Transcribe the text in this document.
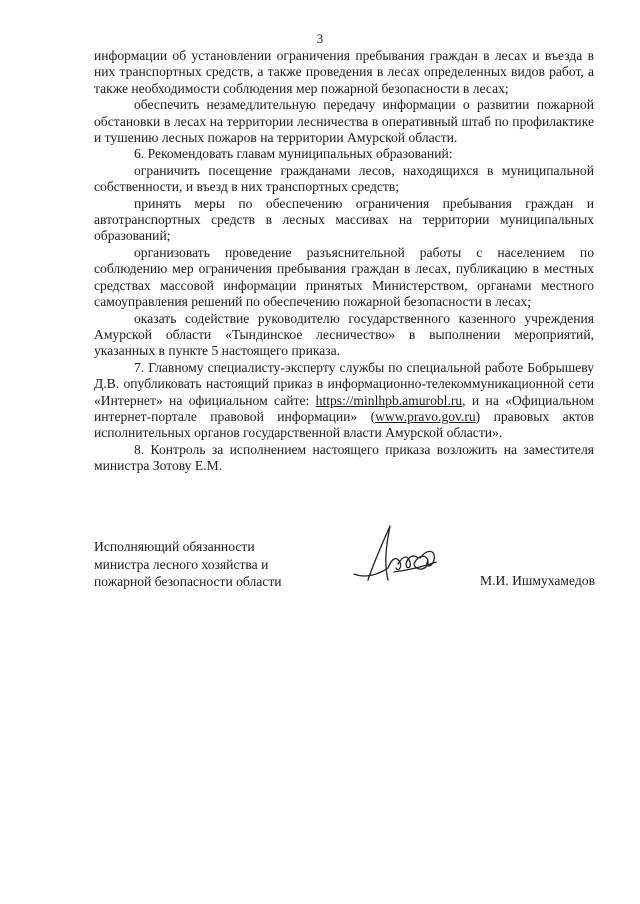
3

информации об установлении ограничения пребывания граждан в лесах и въезда в них транспортных средств, а также проведения в лесах определенных видов работ, а также необходимости соблюдения мер пожарной безопасности в лесах;

обеспечить незамедлительную передачу информации о развитии пожарной обстановки в лесах на территории лесничества в оперативный штаб по профилактике и тушению лесных пожаров на территории Амурской области.

6. Рекомендовать главам муниципальных образований:

ограничить посещение гражданами лесов, находящихся в муниципальной собственности, и въезд в них транспортных средств;

принять меры по обеспечению ограничения пребывания граждан и автотранспортных средств в лесных массивах на территории муниципальных образований;

организовать проведение разъяснительной работы с населением по соблюдению мер ограничения пребывания граждан в лесах, публикацию в местных средствах массовой информации принятых Министерством, органами местного самоуправления решений по обеспечению пожарной безопасности в лесах;

оказать содействие руководителю государственного казенного учреждения Амурской области «Тындинское лесничество» в выполнении мероприятий, указанных в пункте 5 настоящего приказа.

7. Главному специалисту-эксперту службы по специальной работе Бобрышеву Д.В. опубликовать настоящий приказ в информационно-телекоммуникационной сети «Интернет» на официальном сайте: https://minlhpb.amurobl.ru, и на «Официальном интернет-портале правовой информации» (www.pravo.gov.ru) правовых актов исполнительных органов государственной власти Амурской области».

8. Контроль за исполнением настоящего приказа возложить на заместителя министра Зотову Е.М.

Исполняющий обязанности
министра лесного хозяйства и
пожарной безопасности области	М.И. Ишмухамедов
